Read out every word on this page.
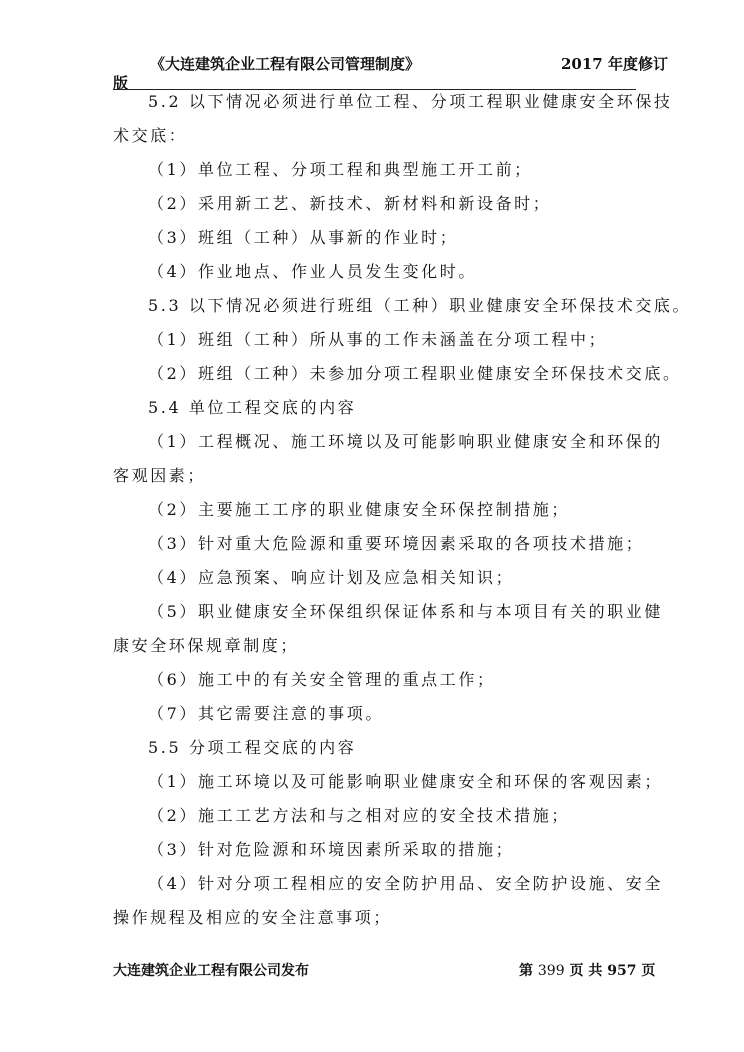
《大连建筑企业工程有限公司管理制度》	2017 年度修订
版
5.2 以下情况必须进行单位工程、分项工程职业健康安全环保技
术交底：
（1）单位工程、分项工程和典型施工开工前；
（2）采用新工艺、新技术、新材料和新设备时；
（3）班组（工种）从事新的作业时；
（4）作业地点、作业人员发生变化时。
5.3 以下情况必须进行班组（工种）职业健康安全环保技术交底。
（1）班组（工种）所从事的工作未涵盖在分项工程中；
（2）班组（工种）未参加分项工程职业健康安全环保技术交底。
5.4 单位工程交底的内容
（1）工程概况、施工环境以及可能影响职业健康安全和环保的
客观因素；
（2）主要施工工序的职业健康安全环保控制措施；
（3）针对重大危险源和重要环境因素采取的各项技术措施；
（4）应急预案、响应计划及应急相关知识；
（5）职业健康安全环保组织保证体系和与本项目有关的职业健
康安全环保规章制度；
（6）施工中的有关安全管理的重点工作；
（7）其它需要注意的事项。
5.5 分项工程交底的内容
（1）施工环境以及可能影响职业健康安全和环保的客观因素；
（2）施工工艺方法和与之相对应的安全技术措施；
（3）针对危险源和环境因素所采取的措施；
（4）针对分项工程相应的安全防护用品、安全防护设施、安全
操作规程及相应的安全注意事项；
大连建筑企业工程有限公司发布	第 399 页 共 957 页
